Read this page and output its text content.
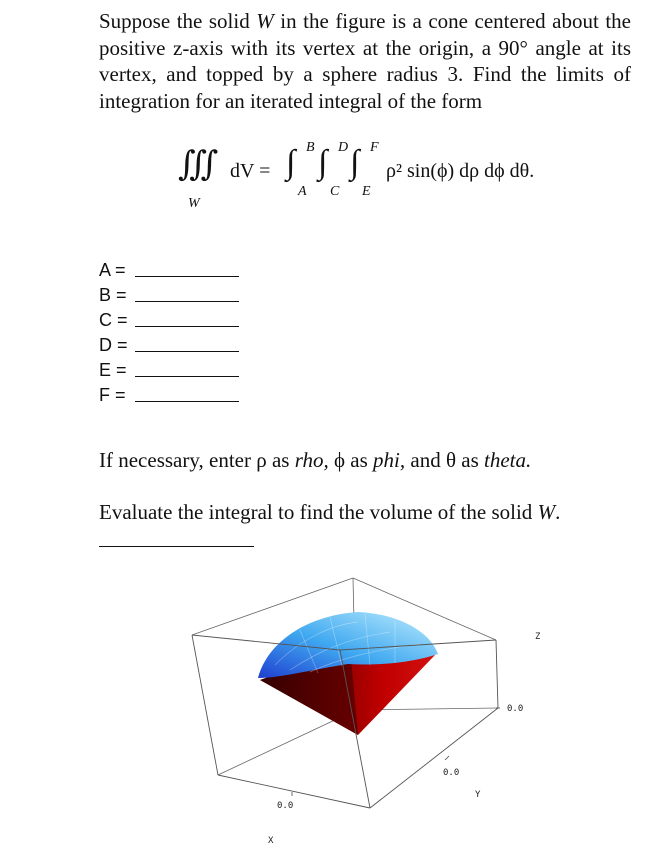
Suppose the solid W in the figure is a cone centered about the positive z-axis with its vertex at the origin, a 90° angle at its vertex, and topped by a sphere radius 3. Find the limits of integration for an iterated integral of the form
∭
W
dV = ∫ B
A
∫ D
C
∫ F
E
ρ² sin(ϕ) dρ dϕ dθ.
A =
B =
C =
D =
E =
F =
If necessary, enter ρ as rho, ϕ as phi, and θ as theta.
Evaluate the integral to find the volume of the solid W.
0.0
Z
0.0
Y
0.0
X
